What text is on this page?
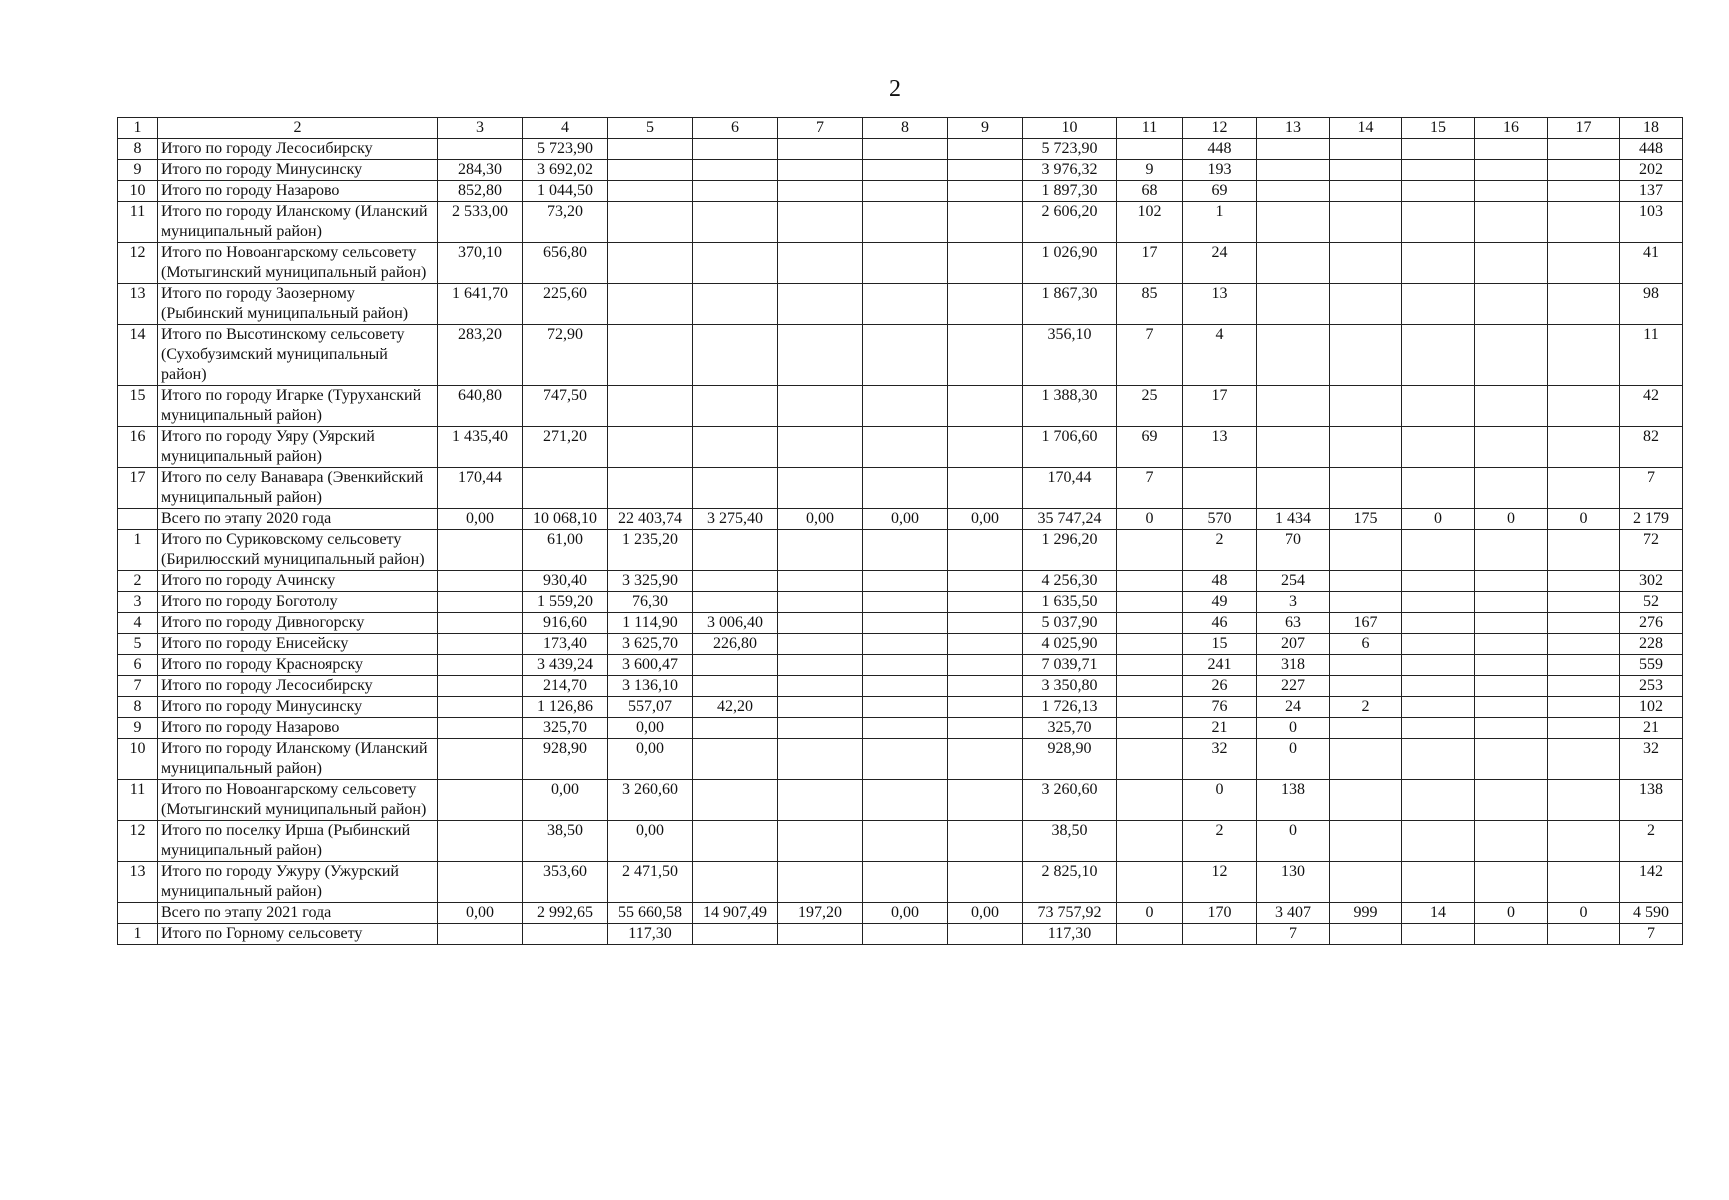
2
1	2	3	4	5	6	7	8	9	10	11	12	13	14	15	16	17	18
8	Итого по городу Лесосибирску		5 723,90						5 723,90		448						448
9	Итого по городу Минусинску	284,30	3 692,02						3 976,32	9	193						202
10	Итого по городу Назарово	852,80	1 044,50						1 897,30	68	69						137
11	Итого по городу Иланскому (Иланский муниципальный район)	2 533,00	73,20						2 606,20	102	1						103
12	Итого по Новоангарскому сельсовету (Мотыгинский муниципальный район)	370,10	656,80						1 026,90	17	24						41
13	Итого по городу Заозерному (Рыбинский муниципальный район)	1 641,70	225,60						1 867,30	85	13						98
14	Итого по Высотинскому сельсовету (Сухобузимский муниципальный район)	283,20	72,90						356,10	7	4						11
15	Итого по городу Игарке (Туруханский муниципальный район)	640,80	747,50						1 388,30	25	17						42
16	Итого по городу Уяру (Уярский муниципальный район)	1 435,40	271,20						1 706,60	69	13						82
17	Итого по селу Ванавара (Эвенкийский муниципальный район)	170,44							170,44	7							7
	Всего по этапу 2020 года	0,00	10 068,10	22 403,74	3 275,40	0,00	0,00	0,00	35 747,24	0	570	1 434	175	0	0	0	2 179
1	Итого по Суриковскому сельсовету (Бирилюсский муниципальный район)		61,00	1 235,20					1 296,20		2	70					72
2	Итого по городу Ачинску		930,40	3 325,90					4 256,30		48	254					302
3	Итого по городу Боготолу		1 559,20	76,30					1 635,50		49	3					52
4	Итого по городу Дивногорску		916,60	1 114,90	3 006,40				5 037,90		46	63	167				276
5	Итого по городу Енисейску		173,40	3 625,70	226,80				4 025,90		15	207	6				228
6	Итого по городу Красноярску		3 439,24	3 600,47					7 039,71		241	318					559
7	Итого по городу Лесосибирску		214,70	3 136,10					3 350,80		26	227					253
8	Итого по городу Минусинску		1 126,86	557,07	42,20				1 726,13		76	24	2				102
9	Итого по городу Назарово		325,70	0,00					325,70		21	0					21
10	Итого по городу Иланскому (Иланский муниципальный район)		928,90	0,00					928,90		32	0					32
11	Итого по Новоангарскому сельсовету (Мотыгинский муниципальный район)		0,00	3 260,60					3 260,60		0	138					138
12	Итого по поселку Ирша (Рыбинский муниципальный район)		38,50	0,00					38,50		2	0					2
13	Итого по городу Ужуру (Ужурский муниципальный район)		353,60	2 471,50					2 825,10		12	130					142
	Всего по этапу 2021 года	0,00	2 992,65	55 660,58	14 907,49	197,20	0,00	0,00	73 757,92	0	170	3 407	999	14	0	0	4 590
1	Итого по Горному сельсовету			117,30					117,30			7					7
